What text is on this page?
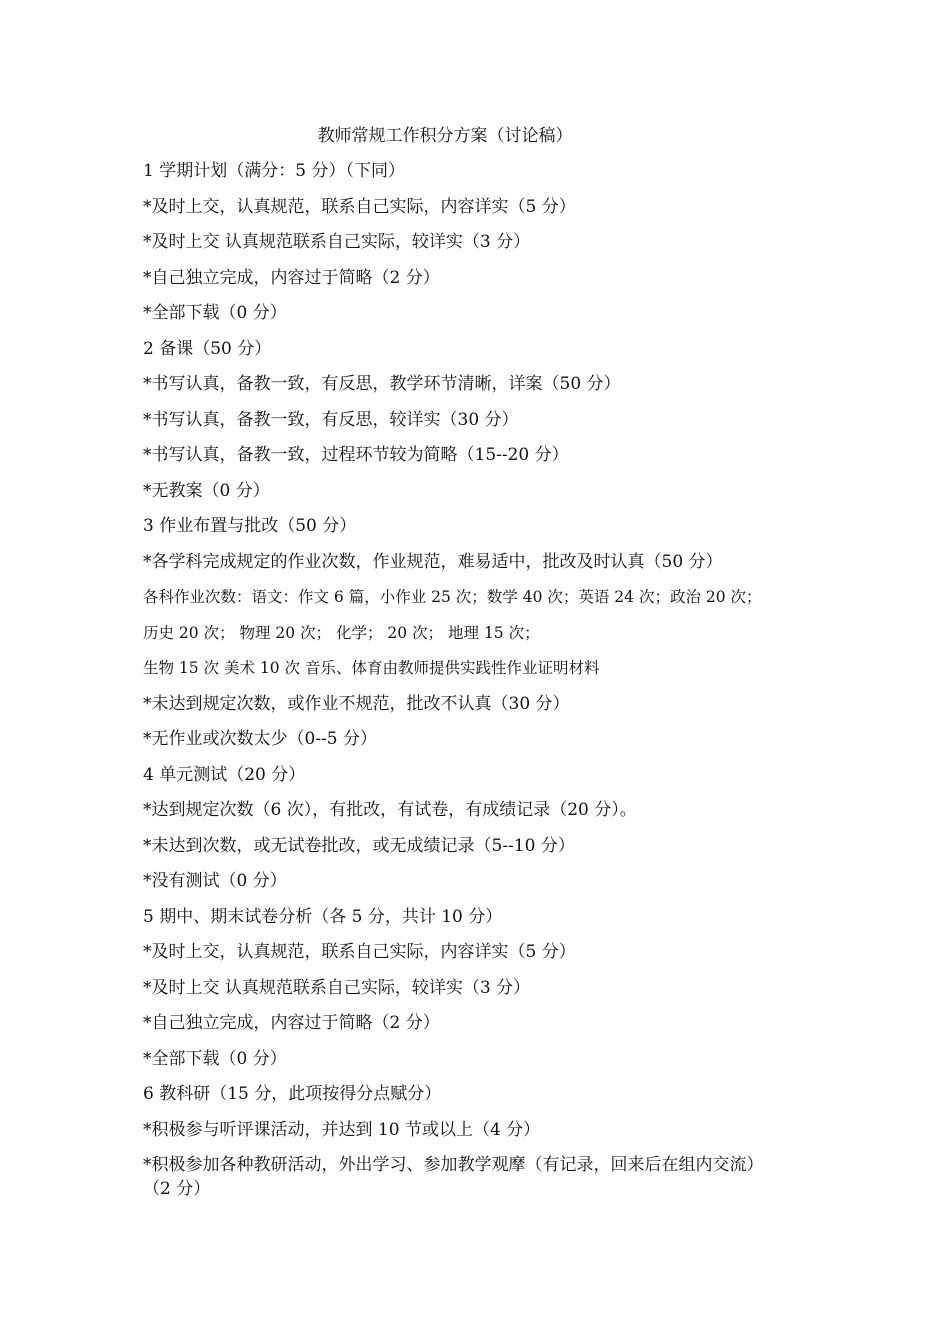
教师常规工作积分方案（讨论稿）
1 学期计划（满分：5 分）（下同）
*及时上交，认真规范，联系自己实际，内容详实（5 分）
*及时上交 认真规范联系自己实际，较详实（3 分）
*自己独立完成，内容过于简略（2 分）
*全部下载（0 分）
2 备课（50 分）
*书写认真，备教一致，有反思，教学环节清晰，详案（50 分）
*书写认真，备教一致，有反思，较详实（30 分）
*书写认真，备教一致，过程环节较为简略（15--20 分）
*无教案（0 分）
3 作业布置与批改（50 分）
*各学科完成规定的作业次数，作业规范，难易适中，批改及时认真（50 分）
各科作业次数：语文：作文 6 篇，小作业 25 次；数学 40 次；英语 24 次；政治 20 次；
历史 20 次； 物理 20 次； 化学； 20 次； 地理 15 次；
生物 15 次 美术 10 次 音乐、体育由教师提供实践性作业证明材料
*未达到规定次数，或作业不规范，批改不认真（30 分）
*无作业或次数太少（0--5 分）
4 单元测试（20 分）
*达到规定次数（6 次），有批改，有试卷，有成绩记录（20 分）。
*未达到次数，或无试卷批改，或无成绩记录（5--10 分）
*没有测试（0 分）
5 期中、期末试卷分析（各 5 分，共计 10 分）
*及时上交，认真规范，联系自己实际，内容详实（5 分）
*及时上交 认真规范联系自己实际，较详实（3 分）
*自己独立完成，内容过于简略（2 分）
*全部下载（0 分）
6 教科研（15 分，此项按得分点赋分）
*积极参与听评课活动，并达到 10 节或以上（4 分）
*积极参加各种教研活动，外出学习、参加教学观摩（有记录，回来后在组内交流）
（2 分）
